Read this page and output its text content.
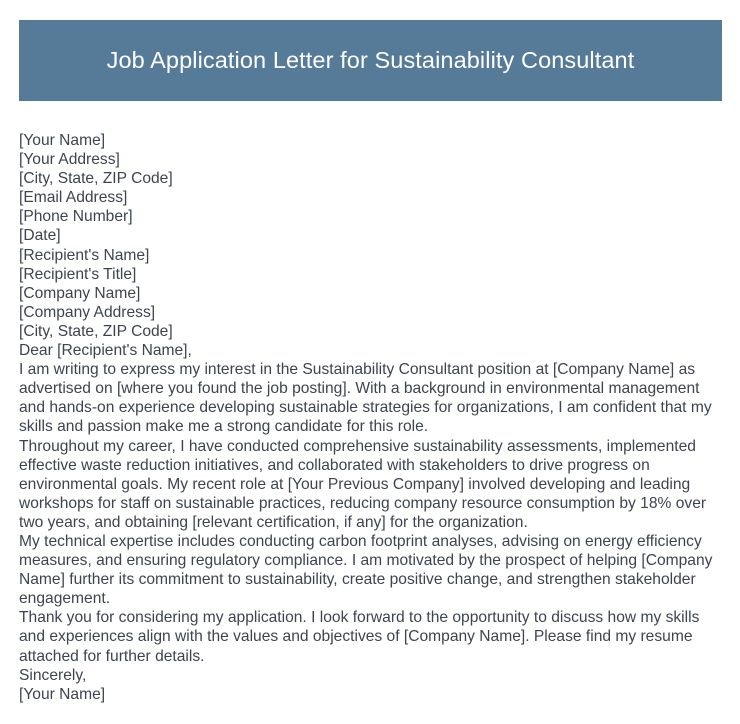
Job Application Letter for Sustainability Consultant
[Your Name]
[Your Address]
[City, State, ZIP Code]
[Email Address]
[Phone Number]
[Date]
[Recipient's Name]
[Recipient's Title]
[Company Name]
[Company Address]
[City, State, ZIP Code]
Dear [Recipient's Name],

I am writing to express my interest in the Sustainability Consultant position at [Company Name] as advertised on [where you found the job posting]. With a background in environmental management and hands-on experience developing sustainable strategies for organizations, I am confident that my skills and passion make me a strong candidate for this role.

Throughout my career, I have conducted comprehensive sustainability assessments, implemented effective waste reduction initiatives, and collaborated with stakeholders to drive progress on environmental goals. My recent role at [Your Previous Company] involved developing and leading workshops for staff on sustainable practices, reducing company resource consumption by 18% over two years, and obtaining [relevant certification, if any] for the organization.

My technical expertise includes conducting carbon footprint analyses, advising on energy efficiency measures, and ensuring regulatory compliance. I am motivated by the prospect of helping [Company Name] further its commitment to sustainability, create positive change, and strengthen stakeholder engagement.

Thank you for considering my application. I look forward to the opportunity to discuss how my skills and experiences align with the values and objectives of [Company Name]. Please find my resume attached for further details.

Sincerely,
[Your Name]
